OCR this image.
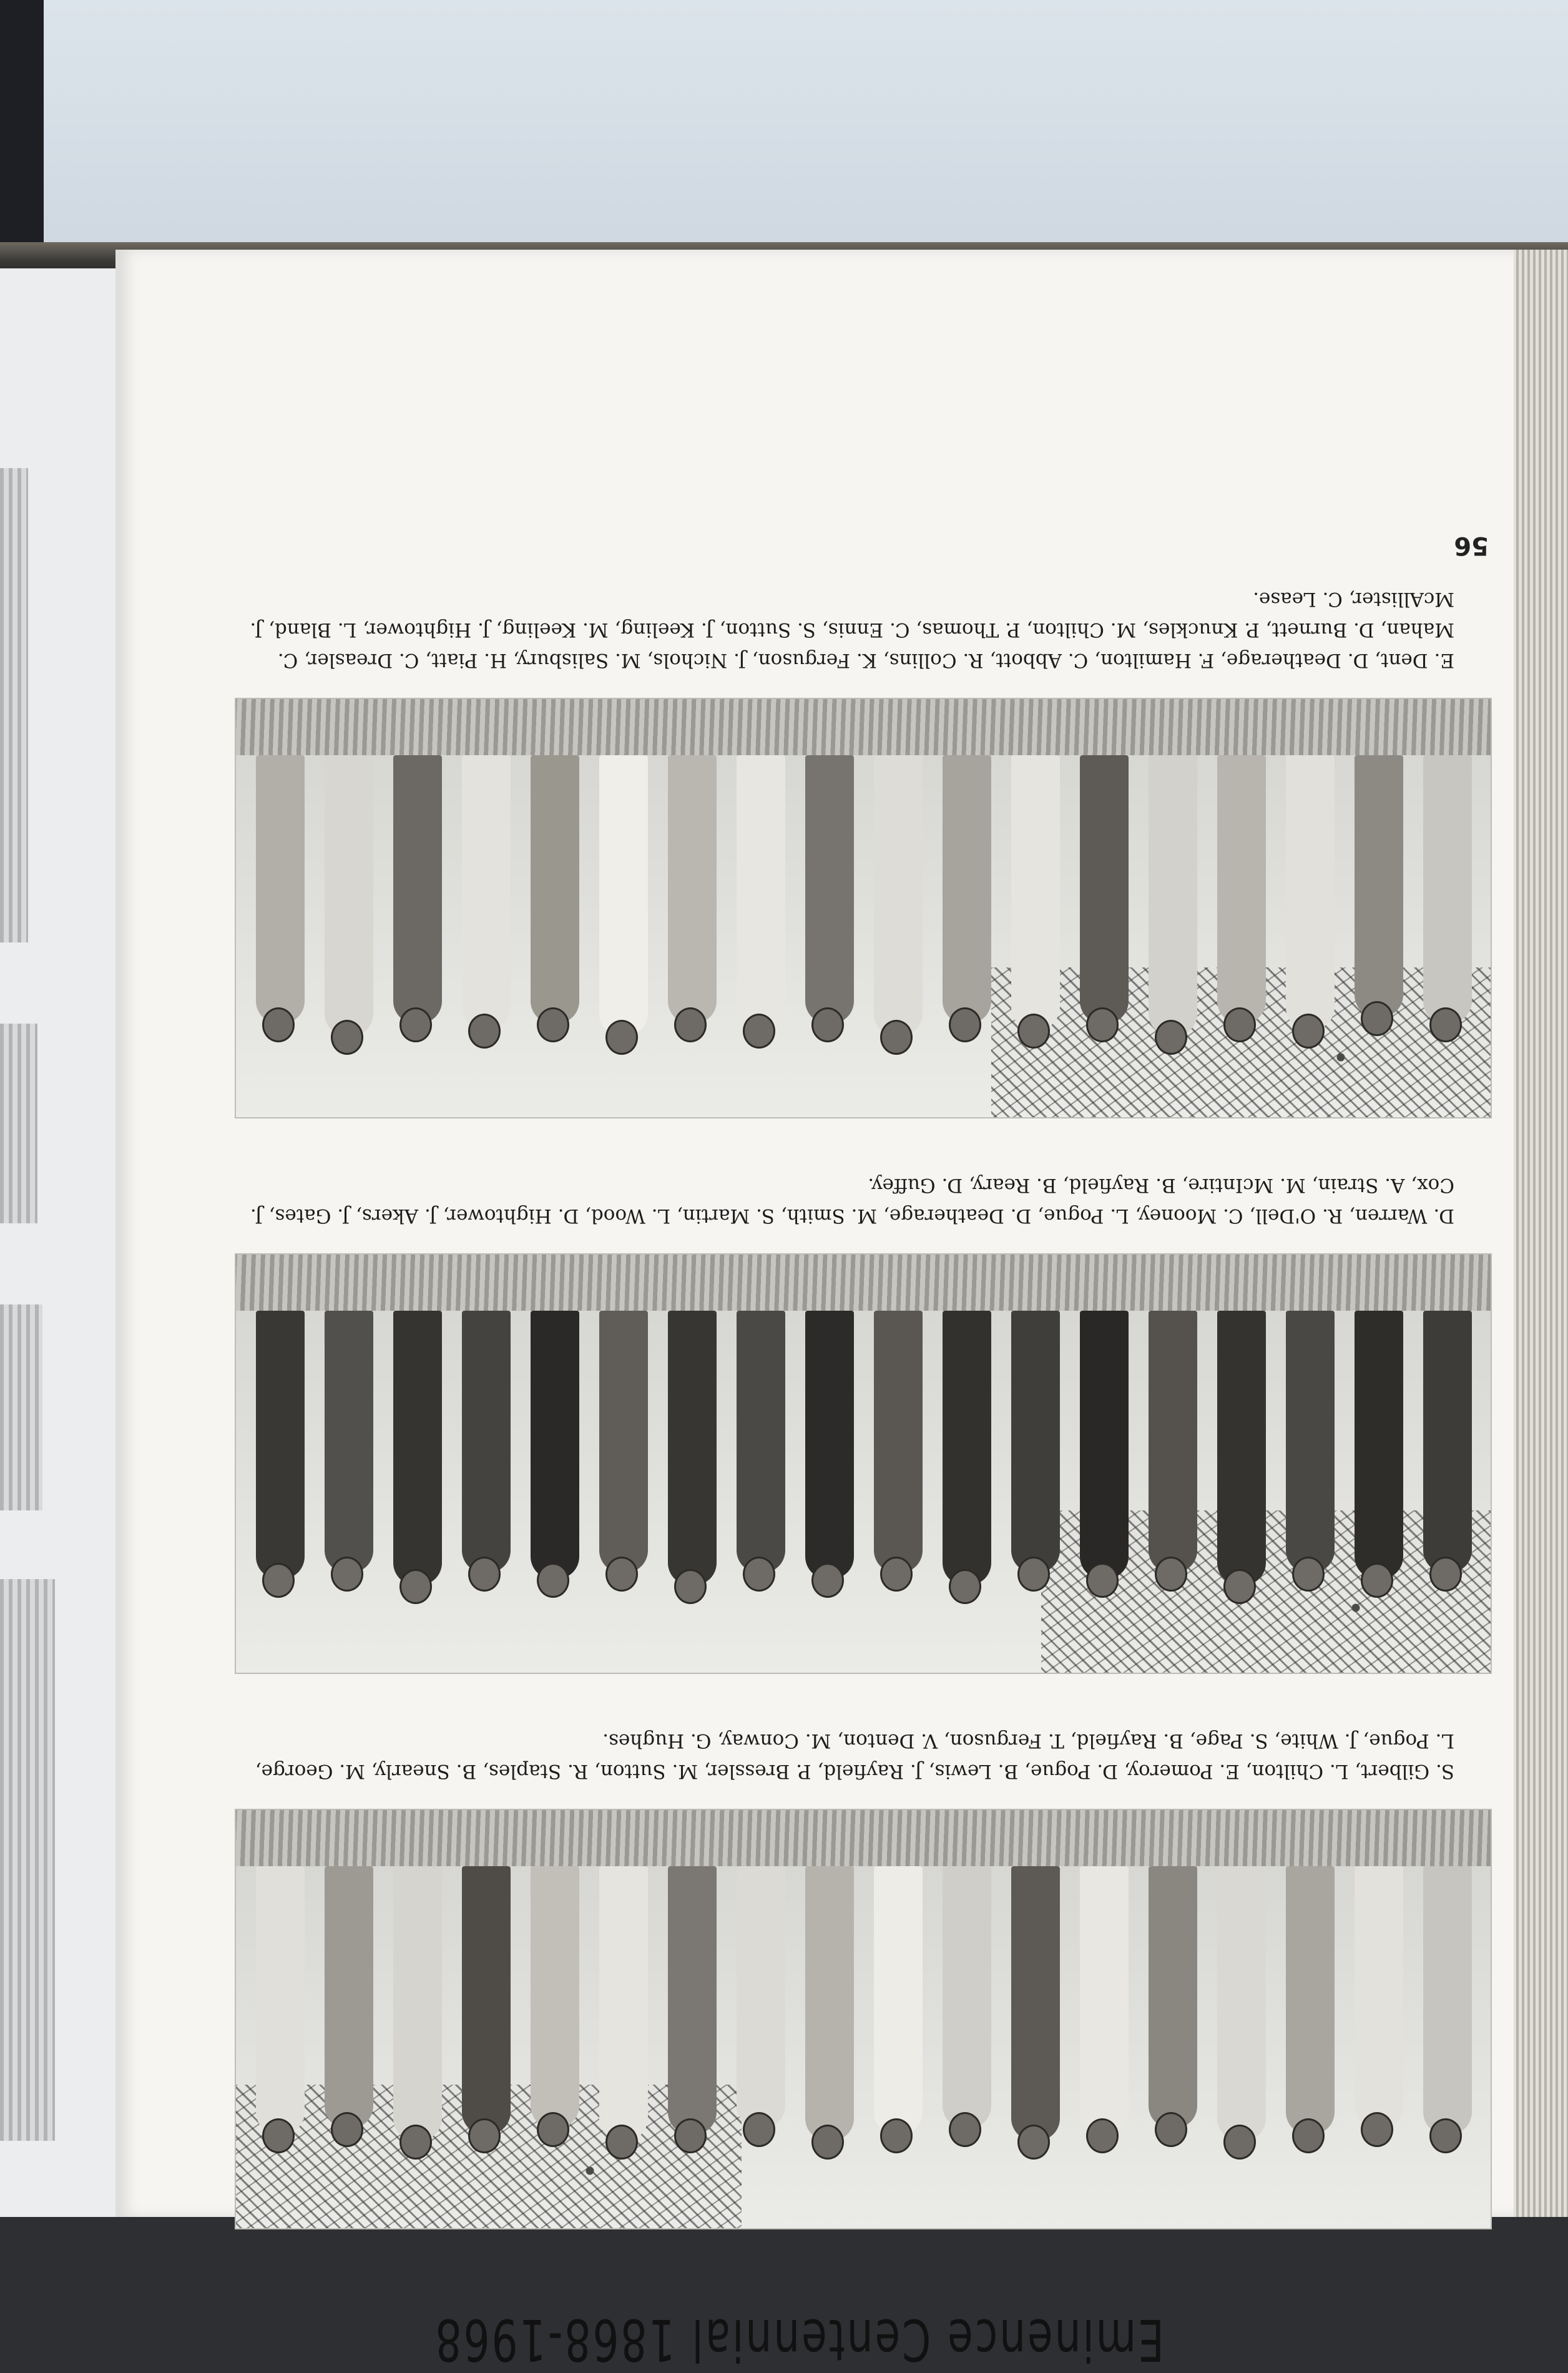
56
E. Dent, D. Deatherage, F. Hamilton, C. Abbott, R. Collins, K. Ferguson, J. Nichols, M. Salisbury, H. Piatt, C. Dreasler, C. Mahan, D. Burnett, P. Knuckles, M. Chilton, P. Thomas, C. Ennis, S. Sutton, J. Keeling, M. Keeling, J. Hightower, L. Bland, J. McAllister, C. Lease.
D. Warren, R. O'Dell, C. Mooney, L. Pogue, D. Deatherage, M. Smith, S. Martin, L. Wood, D. Hightower, J. Akers, J. Gates, J. Cox, A. Strain, M. McIntire, B. Rayfield, B. Reary, D. Guffey.
S. Gilbert, L. Chilton, E. Pomeroy, D. Pogue, B. Lewis, J. Rayfield, P. Bressler, M. Sutton, R. Staples, B. Snearly, M. George, L. Pogue, J. White, S. Page, B. Rayfield, T. Ferguson, V. Denton, M. Conway, G. Hughes.
Eminence Centennial 1868-1968
